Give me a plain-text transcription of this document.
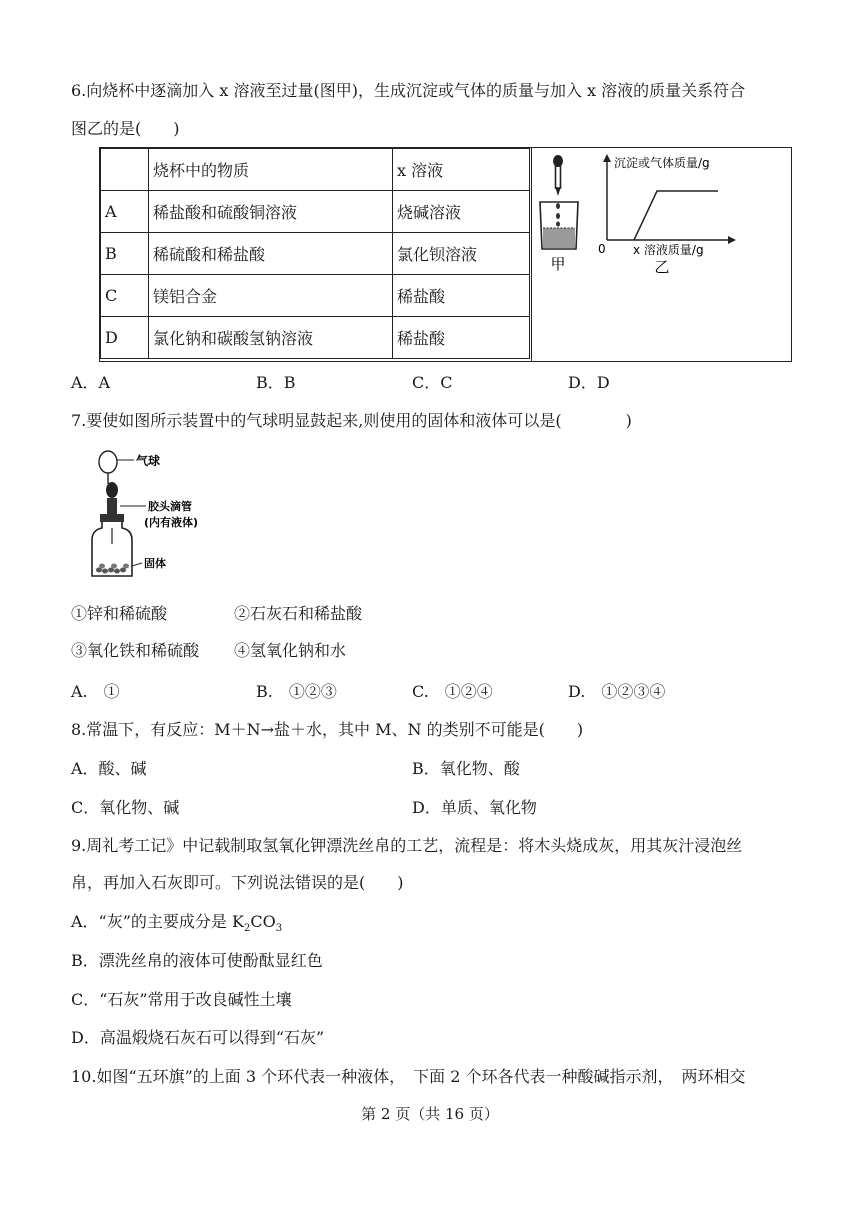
6.向烧杯中逐滴加入 x 溶液至过量(图甲)，生成沉淀或气体的质量与加入 x 溶液的质量关系符合
图乙的是(　　)
	烧杯中的物质	x 溶液
A	稀盐酸和硫酸铜溶液	烧碱溶液
B	稀硫酸和稀盐酸	氯化钡溶液
C	镁铝合金	稀盐酸
D	氯化钠和碳酸氢钠溶液	稀盐酸
甲
沉淀或气体质量/g
0 x 溶液质量/g
乙
A．A	B．B	C．C	D．D
7.要使如图所示装置中的气球明显鼓起来,则使用的固体和液体可以是(　　　　)
气球
胶头滴管
(内有液体)
固体
①锌和稀硫酸	②石灰石和稀盐酸
③氧化铁和稀硫酸 ④氢氧化钠和水
A.　①	B.　①②③	C.　①②④	D.　①②③④
8.常温下，有反应：M＋N→盐＋水，其中 M、N 的类别不可能是(　　)
A．酸、碱	B．氧化物、酸
C．氧化物、碱	D．单质、氧化物
9.周礼考工记》中记载制取氢氧化钾漂洗丝帛的工艺，流程是：将木头烧成灰，用其灰汁浸泡丝
帛，再加入石灰即可。下列说法错误的是(　　)
A．“灰”的主要成分是 $K_2CO_3$
B．漂洗丝帛的液体可使酚酞显红色
C．“石灰”常用于改良碱性土壤
D．高温煅烧石灰石可以得到“石灰”
10.如图“五环旗”的上面 3 个环代表一种液体，　下面 2 个环各代表一种酸碱指示剂，　两环相交
第 2 页（共 16 页）
